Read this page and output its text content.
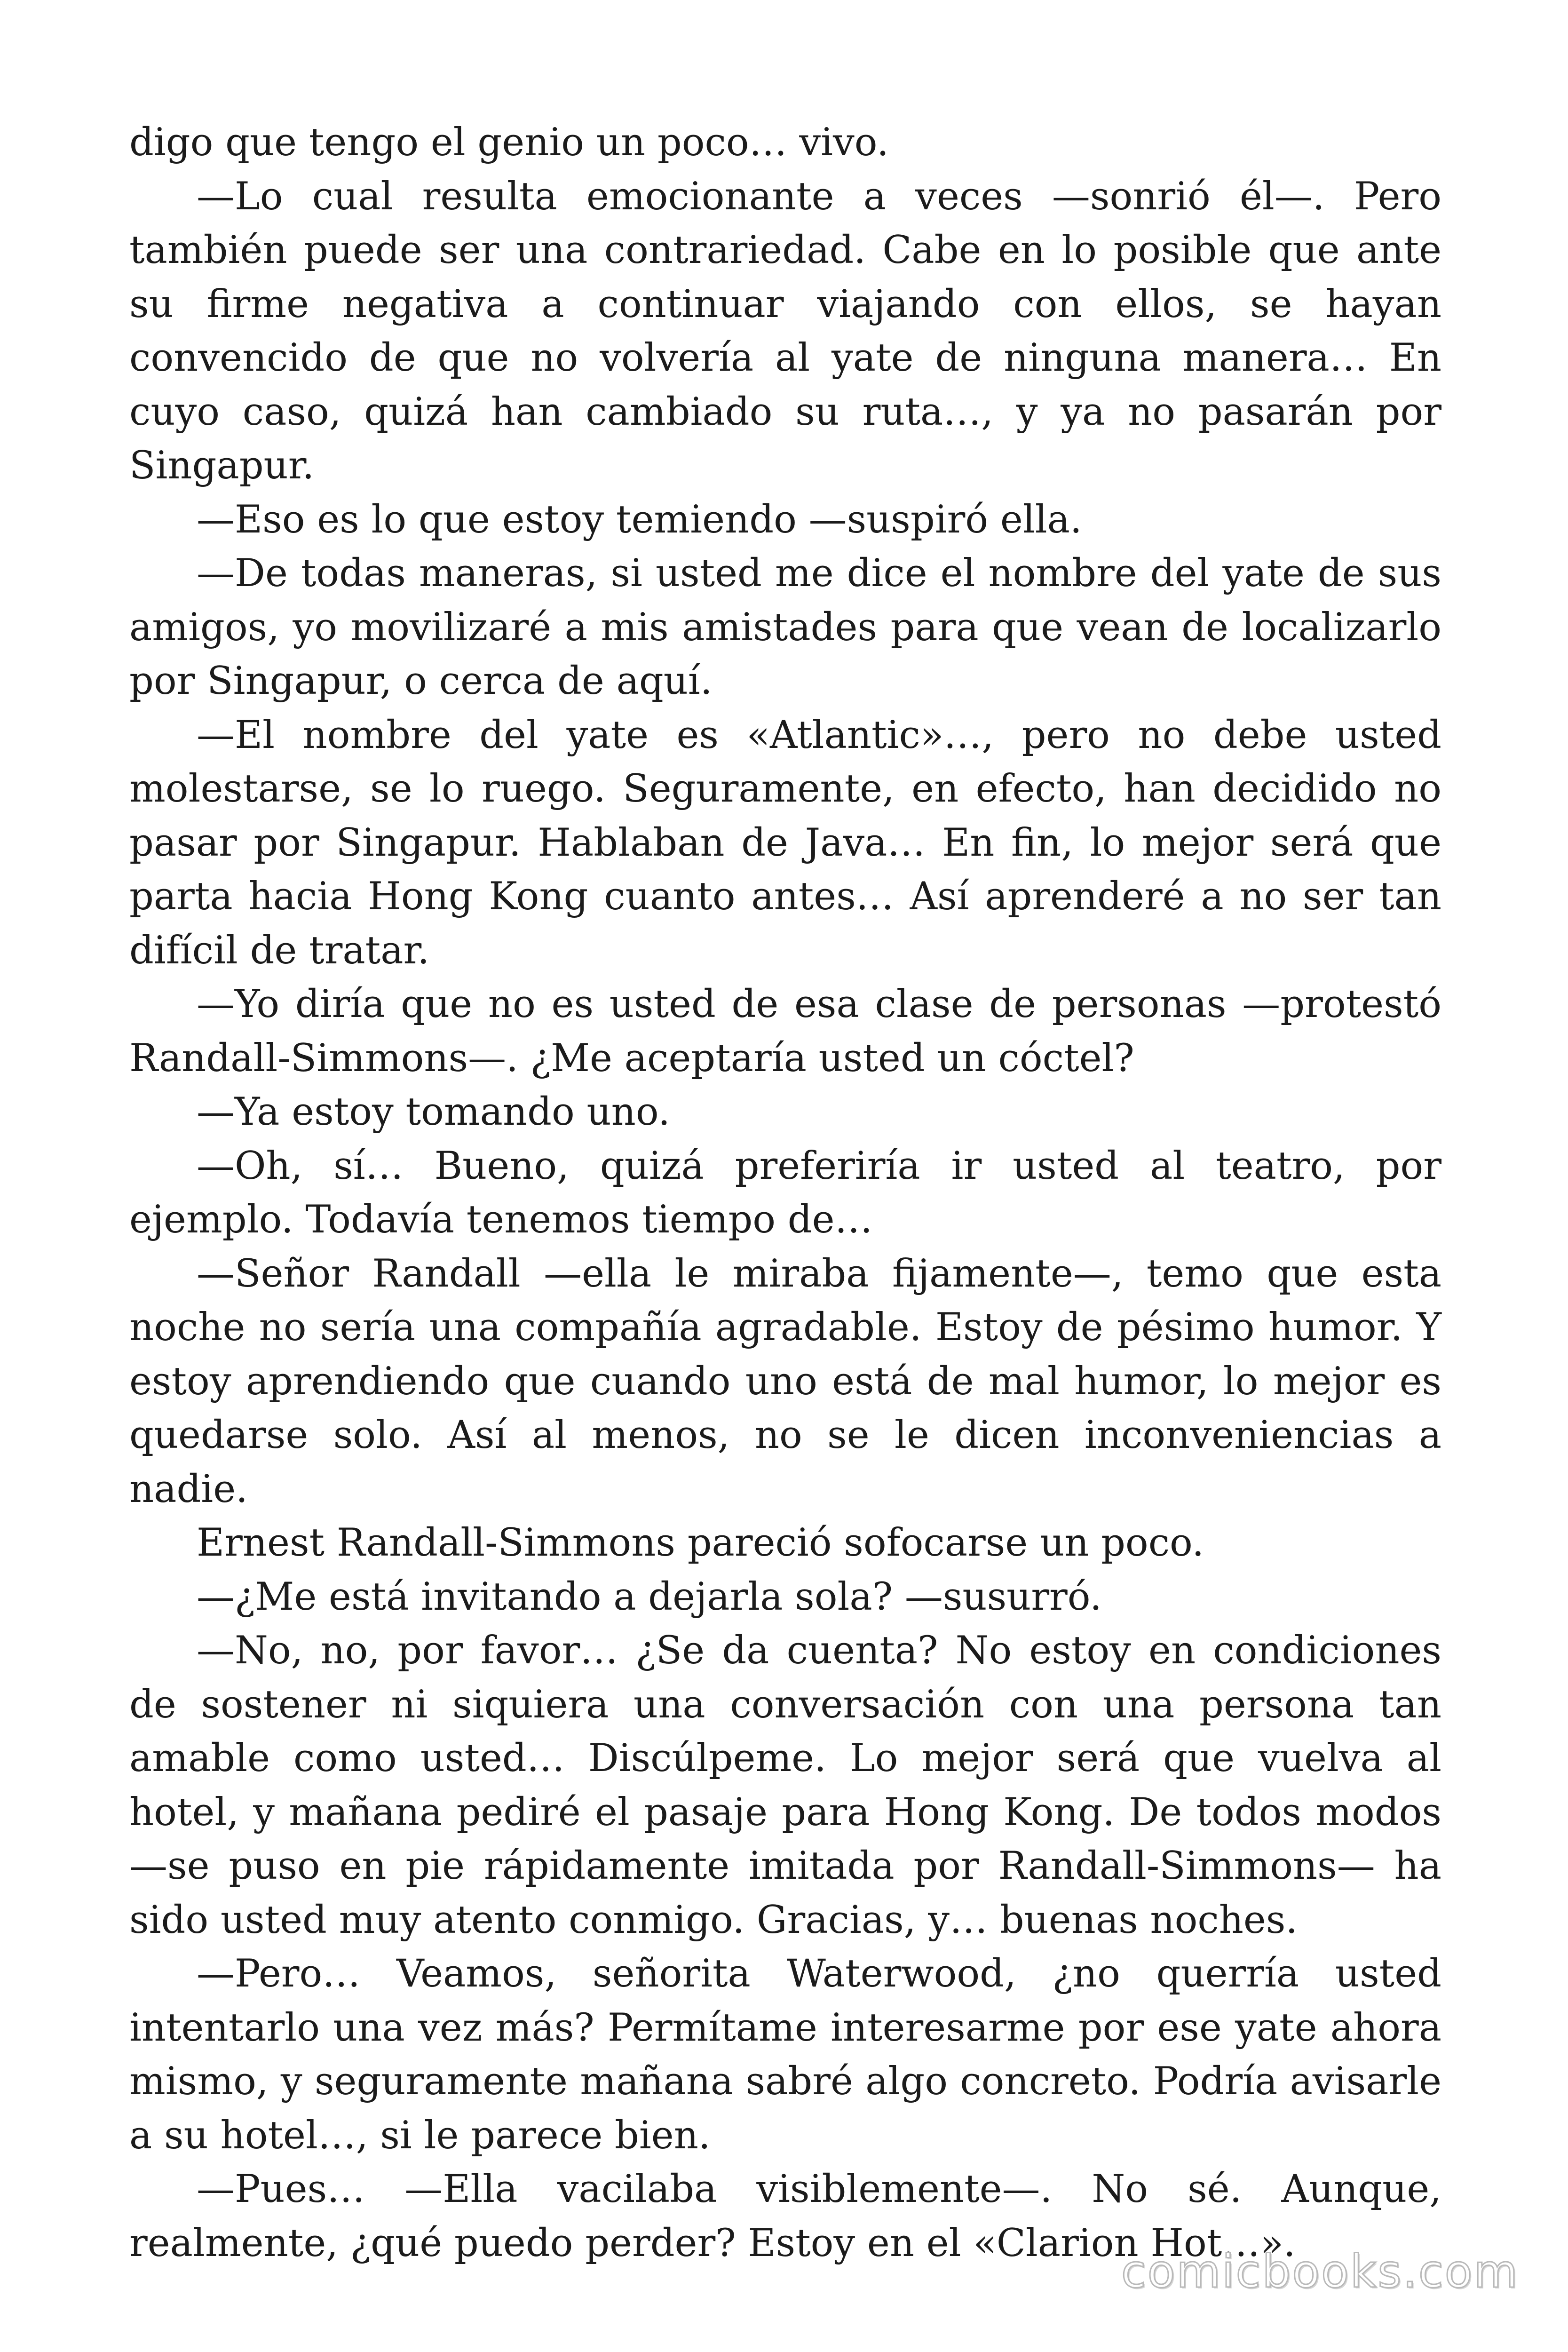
digo que tengo el genio un poco… vivo.

—Lo cual resulta emocionante a veces —sonrió él—. Pero también puede ser una contrariedad. Cabe en lo posible que ante su firme negativa a continuar viajando con ellos, se hayan convencido de que no volvería al yate de ninguna manera… En cuyo caso, quizá han cambiado su ruta…, y ya no pasarán por Singapur.

—Eso es lo que estoy temiendo —suspiró ella.

—De todas maneras, si usted me dice el nombre del yate de sus amigos, yo movilizaré a mis amistades para que vean de localizarlo por Singapur, o cerca de aquí.

—El nombre del yate es «Atlantic»…, pero no debe usted molestarse, se lo ruego. Seguramente, en efecto, han decidido no pasar por Singapur. Hablaban de Java… En fin, lo mejor será que parta hacia Hong Kong cuanto antes… Así aprenderé a no ser tan difícil de tratar.

—Yo diría que no es usted de esa clase de personas —protestó Randall-Simmons—. ¿Me aceptaría usted un cóctel?

—Ya estoy tomando uno.

—Oh, sí… Bueno, quizá preferiría ir usted al teatro, por ejemplo. Todavía tenemos tiempo de…

—Señor Randall —ella le miraba fijamente—, temo que esta noche no sería una compañía agradable. Estoy de pésimo humor. Y estoy aprendiendo que cuando uno está de mal humor, lo mejor es quedarse solo. Así al menos, no se le dicen inconveniencias a nadie.

Ernest Randall-Simmons pareció sofocarse un poco.

—¿Me está invitando a dejarla sola? —susurró.

—No, no, por favor… ¿Se da cuenta? No estoy en condiciones de sostener ni siquiera una conversación con una persona tan amable como usted… Discúlpeme. Lo mejor será que vuelva al hotel, y mañana pediré el pasaje para Hong Kong. De todos modos —se puso en pie rápidamente imitada por Randall-Simmons— ha sido usted muy atento conmigo. Gracias, y… buenas noches.

—Pero… Veamos, señorita Waterwood, ¿no querría usted intentarlo una vez más? Permítame interesarme por ese yate ahora mismo, y seguramente mañana sabré algo concreto. Podría avisarle a su hotel…, si le parece bien.

—Pues… —Ella vacilaba visiblemente—. No sé. Aunque, realmente, ¿qué puedo perder? Estoy en el «Clarion Hot…».

comicbooks.com
